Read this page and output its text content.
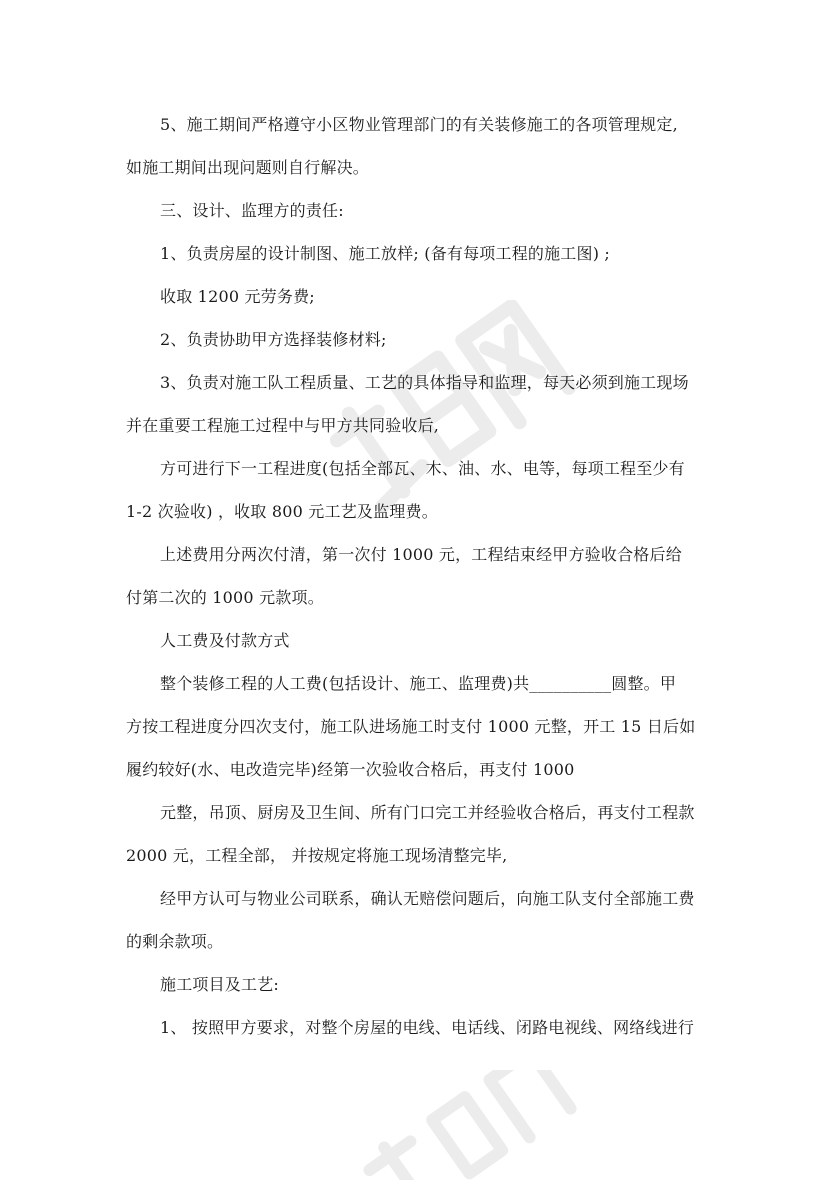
5、施工期间严格遵守小区物业管理部门的有关装修施工的各项管理规定,
如施工期间出现问题则自行解决。
三、设计、监理方的责任:
1、负责房屋的设计制图、施工放样; (备有每项工程的施工图) ;
收取 1200 元劳务费;
2、负责协助甲方选择装修材料;
3、负责对施工队工程质量、工艺的具体指导和监理，每天必须到施工现场
并在重要工程施工过程中与甲方共同验收后,
方可进行下一工程进度(包括全部瓦、木、油、水、电等，每项工程至少有
1-2 次验收) ，收取 800 元工艺及监理费。
上述费用分两次付清，第一次付 1000 元，工程结束经甲方验收合格后给
付第二次的 1000 元款项。
人工费及付款方式
整个装修工程的人工费(包括设计、施工、监理费)共__________圆整。甲
方按工程进度分四次支付，施工队进场施工时支付 1000 元整，开工 15 日后如
履约较好(水、电改造完毕)经第一次验收合格后，再支付 1000
元整，吊顶、厨房及卫生间、所有门口完工并经验收合格后，再支付工程款
2000 元，工程全部， 并按规定将施工现场清整完毕,
经甲方认可与物业公司联系，确认无赔偿问题后，向施工队支付全部施工费
的剩余款项。
施工项目及工艺:
1、 按照甲方要求，对整个房屋的电线、电话线、闭路电视线、网络线进行
